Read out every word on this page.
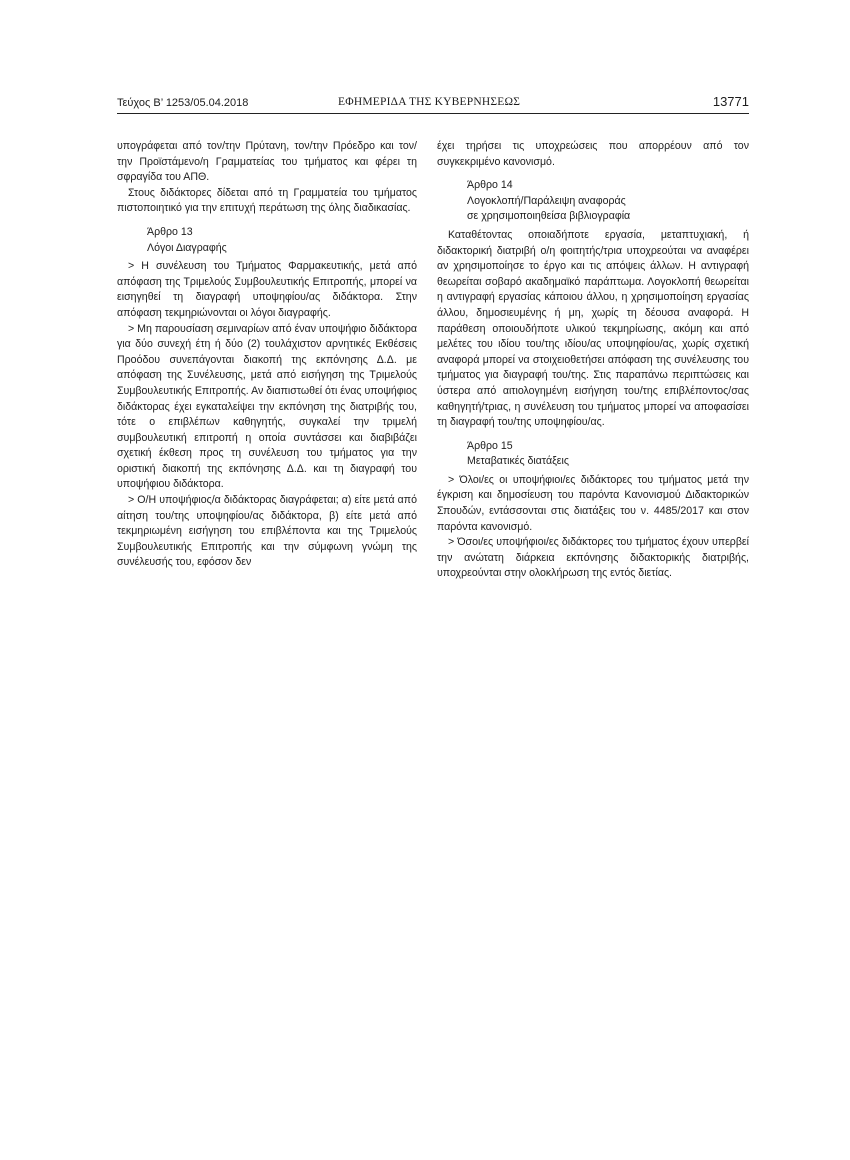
Τεύχος Β’ 1253/05.04.2018	ΕΦΗΜΕΡΙΔΑ ΤΗΣ ΚΥΒΕΡΝΗΣΕΩΣ	13771

υπογράφεται από τον/την Πρύτανη, τον/την Πρόεδρο και τον/την Προϊστάμενο/η Γραμματείας του τμήματος και φέρει τη σφραγίδα του ΑΠΘ.

Στους διδάκτορες δίδεται από τη Γραμματεία του τμήματος πιστοποιητικό για την επιτυχή περάτωση της όλης διαδικασίας.

Άρθρο 13

Λόγοι Διαγραφής

> Η συνέλευση του Τμήματος Φαρμακευτικής, μετά από απόφαση της Τριμελούς Συμβουλευτικής Επιτροπής, μπορεί να εισηγηθεί τη διαγραφή υποψηφίου/ας διδάκτορα. Στην απόφαση τεκμηριώνονται οι λόγοι διαγραφής.

> Μη παρουσίαση σεμιναρίων από έναν υποψήφιο διδάκτορα για δύο συνεχή έτη ή δύο (2) τουλάχιστον αρνητικές Εκθέσεις Προόδου συνεπάγονται διακοπή της εκπόνησης Δ.Δ. με απόφαση της Συνέλευσης, μετά από εισήγηση της Τριμελούς Συμβουλευτικής Επιτροπής. Αν διαπιστωθεί ότι ένας υποψήφιος διδάκτορας έχει εγκαταλείψει την εκπόνηση της διατριβής του, τότε ο επιβλέπων καθηγητής, συγκαλεί την τριμελή συμβουλευτική επιτροπή η οποία συντάσσει και διαβιβάζει σχετική έκθεση προς τη συνέλευση του τμήματος για την οριστική διακοπή της εκπόνησης Δ.Δ. και τη διαγραφή του υποψήφιου διδάκτορα.

> Ο/Η υποψήφιος/α διδάκτορας διαγράφεται; α) είτε μετά από αίτηση του/της υποψηφίου/ας διδάκτορα, β) είτε μετά από τεκμηριωμένη εισήγηση του επιβλέποντα και της Τριμελούς Συμβουλευτικής Επιτροπής και την σύμφωνη γνώμη της συνέλευσής του, εφόσον δεν

έχει τηρήσει τις υποχρεώσεις που απορρέουν από τον συγκεκριμένο κανονισμό.

Άρθρο 14

Λογοκλοπή/Παράλειψη αναφοράς

σε χρησιμοποιηθείσα βιβλιογραφία

Καταθέτοντας οποιαδήποτε εργασία, μεταπτυχιακή, ή διδακτορική διατριβή ο/η φοιτητής/τρια υποχρεούται να αναφέρει αν χρησιμοποίησε το έργο και τις απόψεις άλλων. Η αντιγραφή θεωρείται σοβαρό ακαδημαϊκό παράπτωμα. Λογοκλοπή θεωρείται η αντιγραφή εργασίας κάποιου άλλου, η χρησιμοποίηση εργασίας άλλου, δημοσιευμένης ή μη, χωρίς τη δέουσα αναφορά. Η παράθεση οποιουδήποτε υλικού τεκμηρίωσης, ακόμη και από μελέτες του ιδίου του/της ιδίου/ας υποψηφίου/ας, χωρίς σχετική αναφορά μπορεί να στοιχειοθετήσει απόφαση της συνέλευσης του τμήματος για διαγραφή του/της. Στις παραπάνω περιπτώσεις και ύστερα από αιτιολογημένη εισήγηση του/της επιβλέποντος/σας καθηγητή/τριας, η συνέλευση του τμήματος μπορεί να αποφασίσει τη διαγραφή του/της υποψηφίου/ας.

Άρθρο 15

Μεταβατικές διατάξεις

> Όλοι/ες οι υποψήφιοι/ες διδάκτορες του τμήματος μετά την έγκριση και δημοσίευση του παρόντα Κανονισμού Διδακτορικών Σπουδών, εντάσσονται στις διατάξεις του ν. 4485/2017 και στον παρόντα κανονισμό.

> Όσοι/ες υποψήφιοι/ες διδάκτορες του τμήματος έχουν υπερβεί την ανώτατη διάρκεια εκπόνησης διδακτορικής διατριβής, υποχρεούνται στην ολοκλήρωση της εντός διετίας.
